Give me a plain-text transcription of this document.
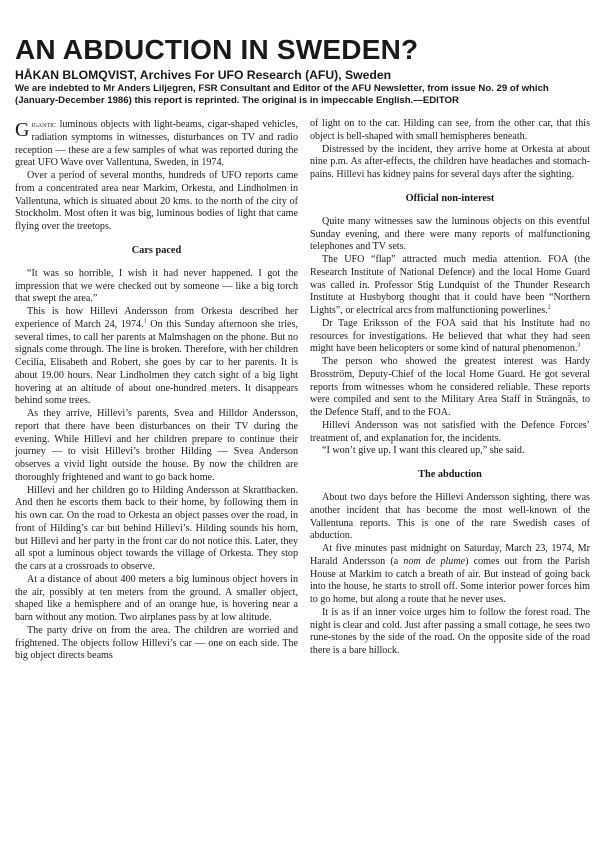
AN ABDUCTION IN SWEDEN?
HÅKAN BLOMQVIST, Archives For UFO Research (AFU), Sweden
We are indebted to Mr Anders Liljegren, FSR Consultant and Editor of the AFU Newsletter, from issue No. 29 of which (January-December 1986) this report is reprinted. The original is in impeccable English.—EDITOR

Gigantic luminous objects with light-beams, cigar-shaped vehicles, radiation symptoms in witnesses, disturbances on TV and radio reception — these are a few samples of what was reported during the great UFO Wave over Vallentuna, Sweden, in 1974.

Over a period of several months, hundreds of UFO reports came from a concentrated area near Markim, Orkesta, and Lindholmen in Vallentuna, which is situated about 20 kms. to the north of the city of Stockholm. Most often it was big, luminous bodies of light that came flying over the treetops.

Cars paced

“It was so horrible, I wish it had never happened. I got the impression that we were checked out by someone — like a big torch that swept the area.”

This is how Hillevi Andersson from Orkesta described her experience of March 24, 1974.$^1$ On this Sunday afternoon she tries, several times, to call her parents at Malmshagen on the phone. But no signals come through. The line is broken. Therefore, with her children Cecilia, Elisabeth and Robert, she goes by car to her parents. It is about 19.00 hours. Near Lindholmen they catch sight of a big light hovering at an altitude of about one-hundred meters. It disappears behind some trees.

As they arrive, Hillevi’s parents, Svea and Hilldor Andersson, report that there have been disturbances on their TV during the evening. While Hillevi and her children prepare to continue their journey — to visit Hillevi’s brother Hilding — Svea Anderson observes a vivid light outside the house. By now the children are thoroughly frightened and want to go back home.

Hillevi and her children go to Hilding Andersson at Skrattbacken. And then he escorts them back to their home, by following them in his own car. On the road to Orkesta an object passes over the road, in front of Hilding’s car but behind Hillevi’s. Hilding sounds his horn, but Hillevi and her party in the front car do not notice this. Later, they all spot a luminous object towards the village of Orkesta. They stop the cars at a crossroads to observe.

At a distance of about 400 meters a big luminous object hovers in the air, possibly at ten meters from the ground. A smaller object, shaped like a hemisphere and of an orange hue, is hovering near a barn without any motion. Two airplanes pass by at low altitude.

The party drive on from the area. The children are worried and frightened. The objects follow Hillevi’s car — one on each side. The big object directs beams

of light on to the car. Hilding can see, from the other car, that this object is bell-shaped with small hemispheres beneath.

Distressed by the incident, they arrive home at Orkesta at about nine p.m. As after-effects, the children have headaches and stomach-pains. Hillevi has kidney pains for several days after the sighting.

Official non-interest

Quite many witnesses saw the luminous objects on this eventful Sunday evening, and there were many reports of malfunctioning telephones and TV sets.

The UFO “flap” attracted much media attention. FOA (the Research Institute of National Defence) and the local Home Guard was called in. Professor Stig Lundquist of the Thunder Research Institute at Husbyborg thought that it could have been “Northern Lights”, or electrical arcs from malfunctioning powerlines.$^2$

Dr Tage Eriksson of the FOA said that his Institute had no resources for investigations. He believed that what they had seen might have been helicopters or some kind of natural phenomenon.$^3$

The person who showed the greatest interest was Hardy Brosström, Deputy-Chief of the local Home Guard. He got several reports from witnesses whom he considered reliable. These reports were compiled and sent to the Military Area Staff in Strängnäs, to the Defence Staff, and to the FOA.

Hillevi Andersson was not satisfied with the Defence Forces’ treatment of, and explanation for, the incidents.

“I won’t give up. I want this cleared up,” she said.

The abduction

About two days before the Hillevi Andersson sighting, there was another incident that has become the most well-known of the Vallentuna reports. This is one of the rare Swedish cases of abduction.

At five minutes past midnight on Saturday, March 23, 1974, Mr Harald Andersson (a nom de plume) comes out from the Parish House at Markim to catch a breath of air. But instead of going back into the house, he starts to stroll off. Some interior power forces him to go home, but along a route that he never uses.

It is as if an inner voice urges him to follow the forest road. The night is clear and cold. Just after passing a small cottage, he sees two rune-stones by the side of the road. On the opposite side of the road there is a bare hillock.
